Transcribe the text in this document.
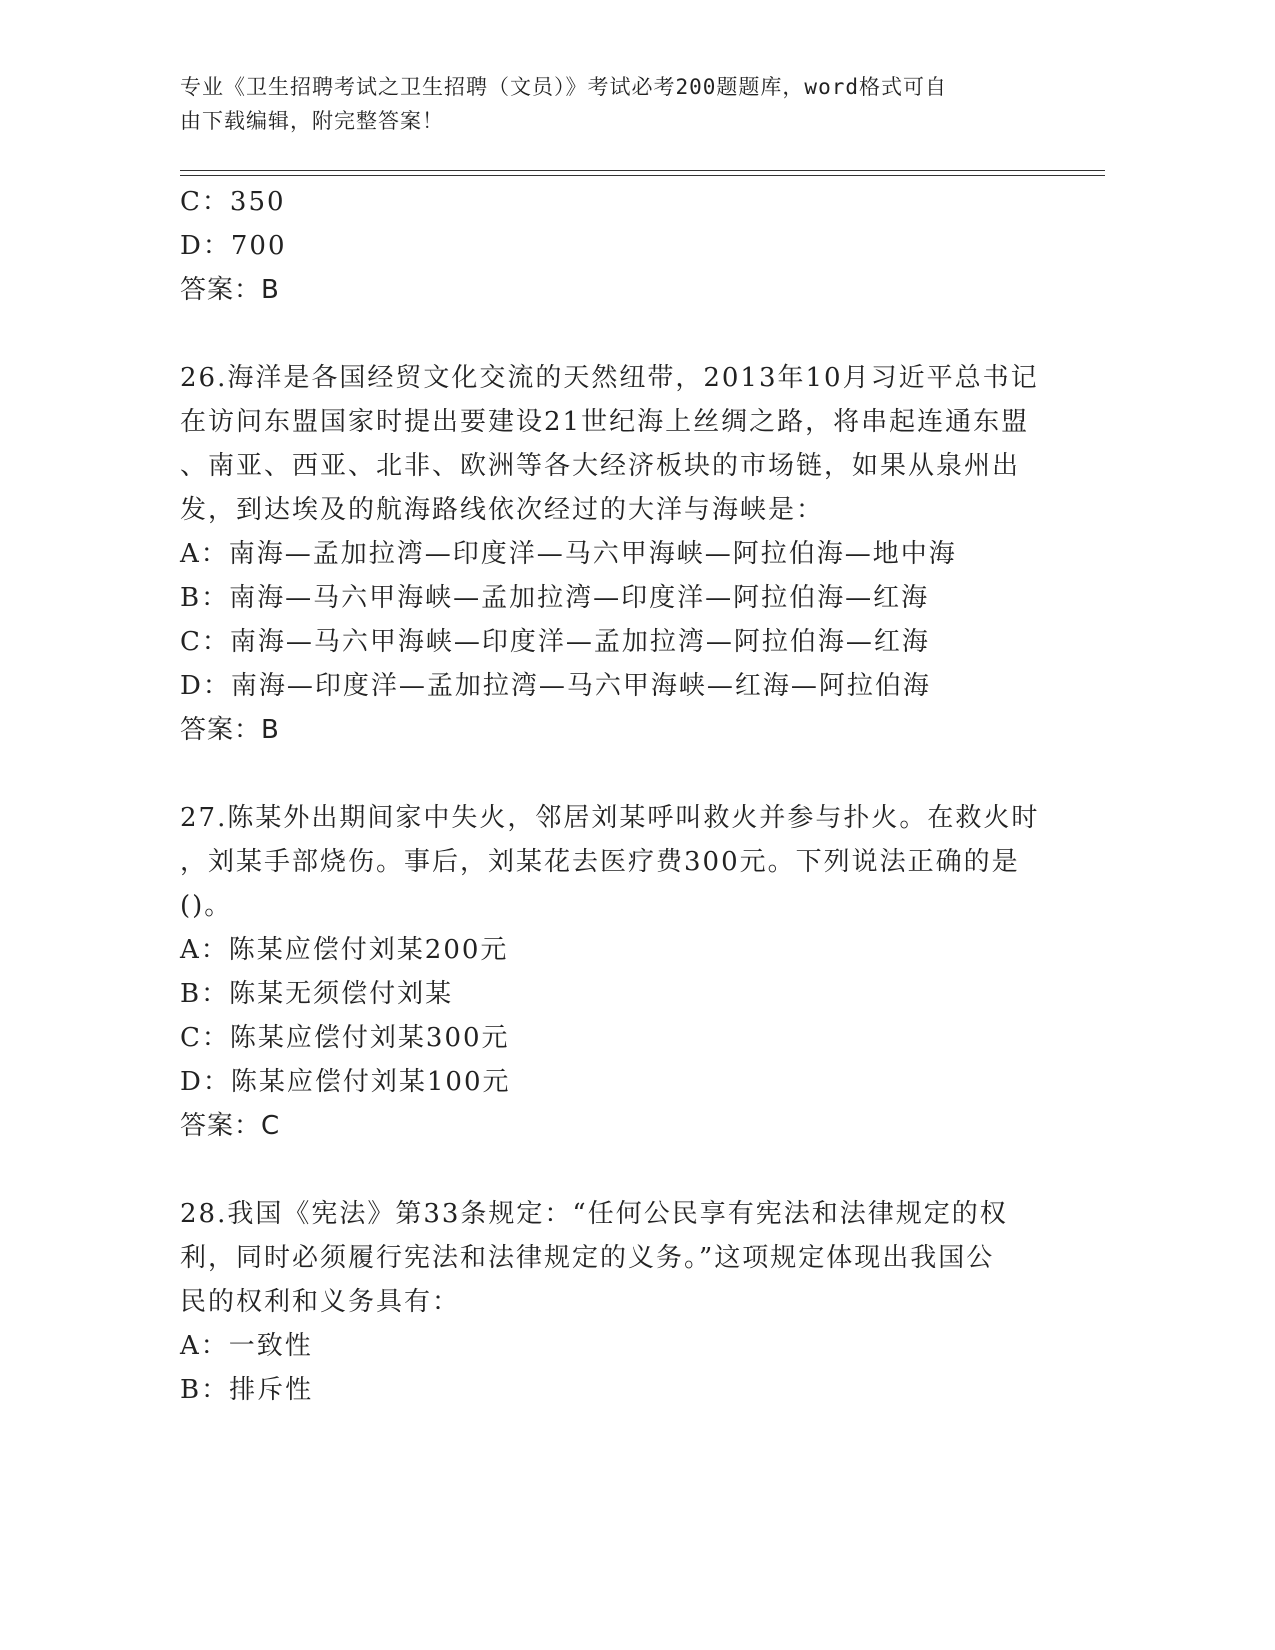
专业《卫生招聘考试之卫生招聘（文员）》考试必考200题题库，word格式可自
由下载编辑，附完整答案！
C：350
D：700
答案：B
26.海洋是各国经贸文化交流的天然纽带，2013年10月习近平总书记
在访问东盟国家时提出要建设21世纪海上丝绸之路，将串起连通东盟
、南亚、西亚、北非、欧洲等各大经济板块的市场链，如果从泉州出
发，到达埃及的航海路线依次经过的大洋与海峡是：
A：南海—孟加拉湾—印度洋—马六甲海峡—阿拉伯海—地中海
B：南海—马六甲海峡—孟加拉湾—印度洋—阿拉伯海—红海
C：南海—马六甲海峡—印度洋—孟加拉湾—阿拉伯海—红海
D：南海—印度洋—孟加拉湾—马六甲海峡—红海—阿拉伯海
答案：B
27.陈某外出期间家中失火，邻居刘某呼叫救火并参与扑火。在救火时
，刘某手部烧伤。事后，刘某花去医疗费300元。下列说法正确的是
()。
A：陈某应偿付刘某200元
B：陈某无须偿付刘某
C：陈某应偿付刘某300元
D：陈某应偿付刘某100元
答案：C
28.我国《宪法》第33条规定：“任何公民享有宪法和法律规定的权
利，同时必须履行宪法和法律规定的义务。”这项规定体现出我国公
民的权利和义务具有：
A：一致性
B：排斥性
